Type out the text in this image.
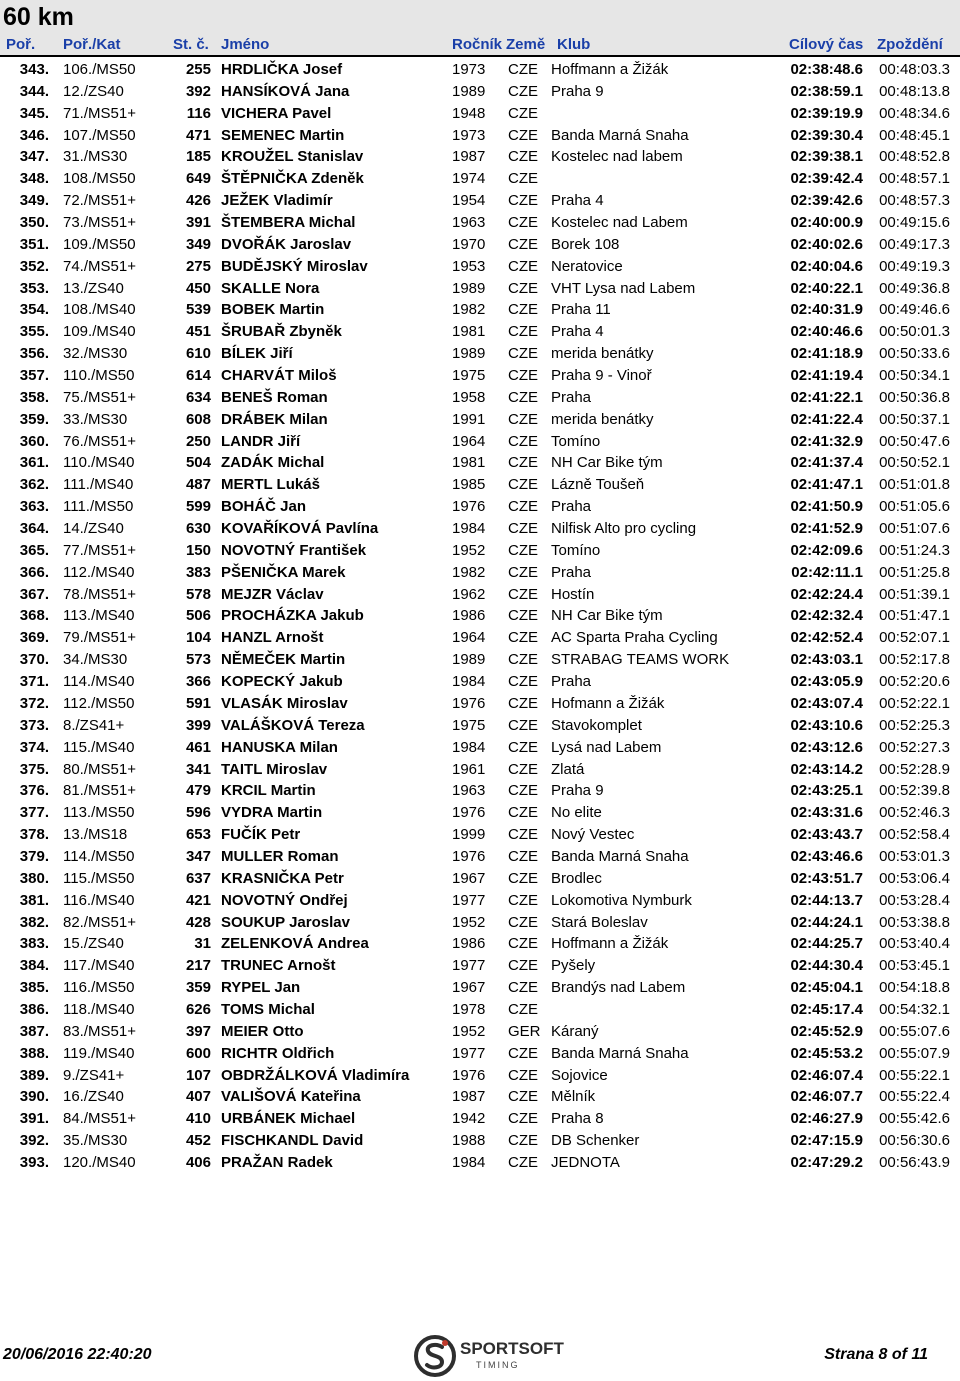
60 km
Poř. Poř./Kat	St. č. Jméno	Ročník Země Klub	Cílový čas Zpoždění
343. 106./MS50	255 HRDLIČKA Josef	1973	CZE Hoffmann a Žižák	02:38:48.6	00:48:03.3
344. 12./ZS40	392 HANSÍKOVÁ Jana	1989	CZE Praha 9	02:38:59.1	00:48:13.8
345. 71./MS51+	116 VICHERA Pavel	1948	CZE	02:39:19.9	00:48:34.6
346. 107./MS50	471 SEMENEC Martin	1973	CZE Banda Marná Snaha	02:39:30.4	00:48:45.1
347. 31./MS30	185 KROUŽEL Stanislav	1987	CZE Kostelec nad labem	02:39:38.1	00:48:52.8
348. 108./MS50	649 ŠTĚPNIČKA Zdeněk	1974	CZE	02:39:42.4	00:48:57.1
349. 72./MS51+	426 JEŽEK Vladimír	1954	CZE Praha 4	02:39:42.6	00:48:57.3
350. 73./MS51+	391 ŠTEMBERA Michal	1963	CZE Kostelec nad Labem	02:40:00.9	00:49:15.6
351. 109./MS50	349 DVOŘÁK Jaroslav	1970	CZE Borek 108	02:40:02.6	00:49:17.3
352. 74./MS51+	275 BUDĚJSKÝ Miroslav	1953	CZE Neratovice	02:40:04.6	00:49:19.3
353. 13./ZS40	450 SKALLE Nora	1989	CZE VHT Lysa nad Labem	02:40:22.1	00:49:36.8
354. 108./MS40	539 BOBEK Martin	1982	CZE Praha 11	02:40:31.9	00:49:46.6
355. 109./MS40	451 ŠRUBAŘ Zbyněk	1981	CZE Praha 4	02:40:46.6	00:50:01.3
356. 32./MS30	610 BÍLEK Jiří	1989	CZE merida benátky	02:41:18.9	00:50:33.6
357. 110./MS50	614 CHARVÁT Miloš	1975	CZE Praha 9 - Vinoř	02:41:19.4	00:50:34.1
358. 75./MS51+	634 BENEŠ Roman	1958	CZE Praha	02:41:22.1	00:50:36.8
359. 33./MS30	608 DRÁBEK Milan	1991	CZE merida benátky	02:41:22.4	00:50:37.1
360. 76./MS51+	250 LANDR Jiří	1964	CZE Tomíno	02:41:32.9	00:50:47.6
361. 110./MS40	504 ZADÁK Michal	1981	CZE NH Car Bike tým	02:41:37.4	00:50:52.1
362. 111./MS40	487 MERTL Lukáš	1985	CZE Lázně Toušeň	02:41:47.1	00:51:01.8
363. 111./MS50	599 BOHÁČ Jan	1976	CZE Praha	02:41:50.9	00:51:05.6
364. 14./ZS40	630 KOVAŘÍKOVÁ Pavlína	1984	CZE Nilfisk Alto pro cycling	02:41:52.9	00:51:07.6
365. 77./MS51+	150 NOVOTNÝ František	1952	CZE Tomíno	02:42:09.6	00:51:24.3
366. 112./MS40	383 PŠENIČKA Marek	1982	CZE Praha	02:42:11.1	00:51:25.8
367. 78./MS51+	578 MEJZR Václav	1962	CZE Hostín	02:42:24.4	00:51:39.1
368. 113./MS40	506 PROCHÁZKA Jakub	1986	CZE NH Car Bike tým	02:42:32.4	00:51:47.1
369. 79./MS51+	104 HANZL Arnošt	1964	CZE AC Sparta Praha Cycling	02:42:52.4	00:52:07.1
370. 34./MS30	573 NĚMEČEK Martin	1989	CZE STRABAG TEAMS WORK	02:43:03.1	00:52:17.8
371. 114./MS40	366 KOPECKÝ Jakub	1984	CZE Praha	02:43:05.9	00:52:20.6
372. 112./MS50	591 VLASÁK Miroslav	1976	CZE Hofmann a Žižák	02:43:07.4	00:52:22.1
373. 8./ZS41+	399 VALÁŠKOVÁ Tereza	1975	CZE Stavokomplet	02:43:10.6	00:52:25.3
374. 115./MS40	461 HANUSKA Milan	1984	CZE Lysá nad Labem	02:43:12.6	00:52:27.3
375. 80./MS51+	341 TAITL Miroslav	1961	CZE Zlatá	02:43:14.2	00:52:28.9
376. 81./MS51+	479 KRCIL Martin	1963	CZE Praha 9	02:43:25.1	00:52:39.8
377. 113./MS50	596 VYDRA Martin	1976	CZE No elite	02:43:31.6	00:52:46.3
378. 13./MS18	653 FUČÍK Petr	1999	CZE Nový Vestec	02:43:43.7	00:52:58.4
379. 114./MS50	347 MULLER Roman	1976	CZE Banda Marná Snaha	02:43:46.6	00:53:01.3
380. 115./MS50	637 KRASNIČKA Petr	1967	CZE Brodlec	02:43:51.7	00:53:06.4
381. 116./MS40	421 NOVOTNÝ Ondřej	1977	CZE Lokomotiva Nymburk	02:44:13.7	00:53:28.4
382. 82./MS51+	428 SOUKUP Jaroslav	1952	CZE Stará Boleslav	02:44:24.1	00:53:38.8
383. 15./ZS40	31 ZELENKOVÁ Andrea	1986	CZE Hoffmann a Žižák	02:44:25.7	00:53:40.4
384. 117./MS40	217 TRUNEC Arnošt	1977	CZE Pyšely	02:44:30.4	00:53:45.1
385. 116./MS50	359 RYPEL Jan	1967	CZE Brandýs nad Labem	02:45:04.1	00:54:18.8
386. 118./MS40	626 TOMS Michal	1978	CZE	02:45:17.4	00:54:32.1
387. 83./MS51+	397 MEIER Otto	1952	GER Káraný	02:45:52.9	00:55:07.6
388. 119./MS40	600 RICHTR Oldřich	1977	CZE Banda Marná Snaha	02:45:53.2	00:55:07.9
389. 9./ZS41+	107 OBDRŽÁLKOVÁ Vladimíra	1976	CZE Sojovice	02:46:07.4	00:55:22.1
390. 16./ZS40	407 VALIŠOVÁ Kateřina	1987	CZE Mělník	02:46:07.7	00:55:22.4
391. 84./MS51+	410 URBÁNEK Michael	1942	CZE Praha 8	02:46:27.9	00:55:42.6
392. 35./MS30	452 FISCHKANDL David	1988	CZE DB Schenker	02:47:15.9	00:56:30.6
393. 120./MS40	406 PRAŽAN Radek	1984	CZE JEDNOTA	02:47:29.2	00:56:43.9
20/06/2016 22:40:20	SPORTSOFT
TIMING
Strana 8 of 11
